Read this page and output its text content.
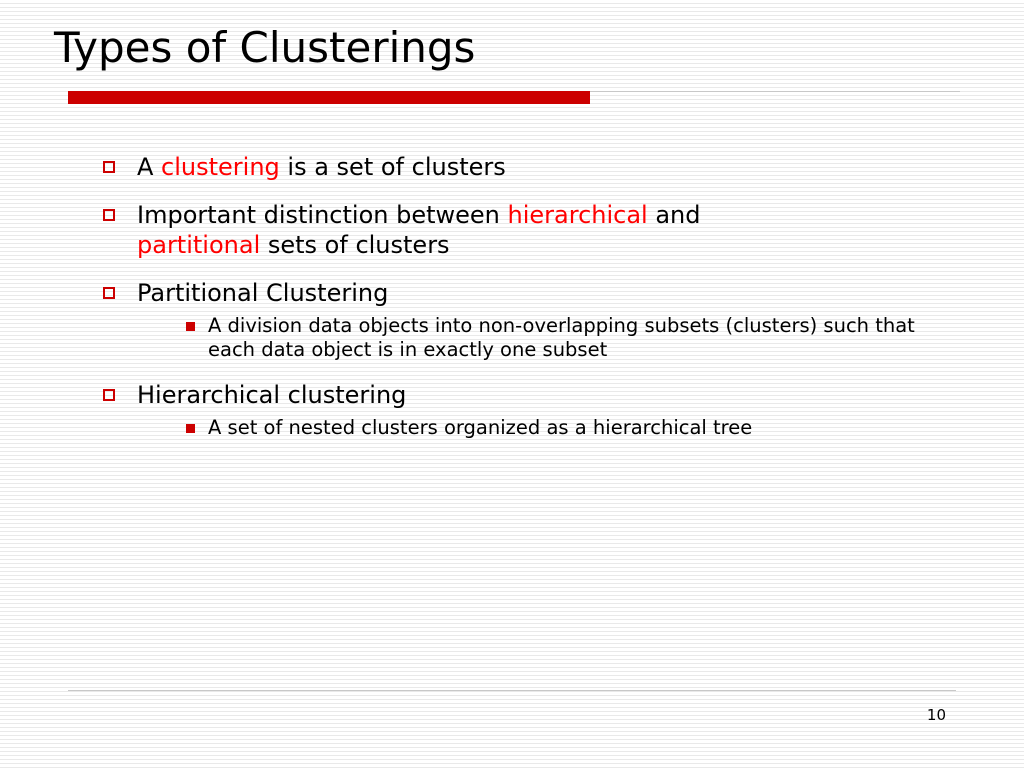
Types of Clusterings
A clustering is a set of clusters
Important distinction between hierarchical and
partitional sets of clusters
Partitional Clustering
A division data objects into non-overlapping subsets (clusters) such that each data object is in exactly one subset
Hierarchical clustering
A set of nested clusters organized as a hierarchical tree
10
